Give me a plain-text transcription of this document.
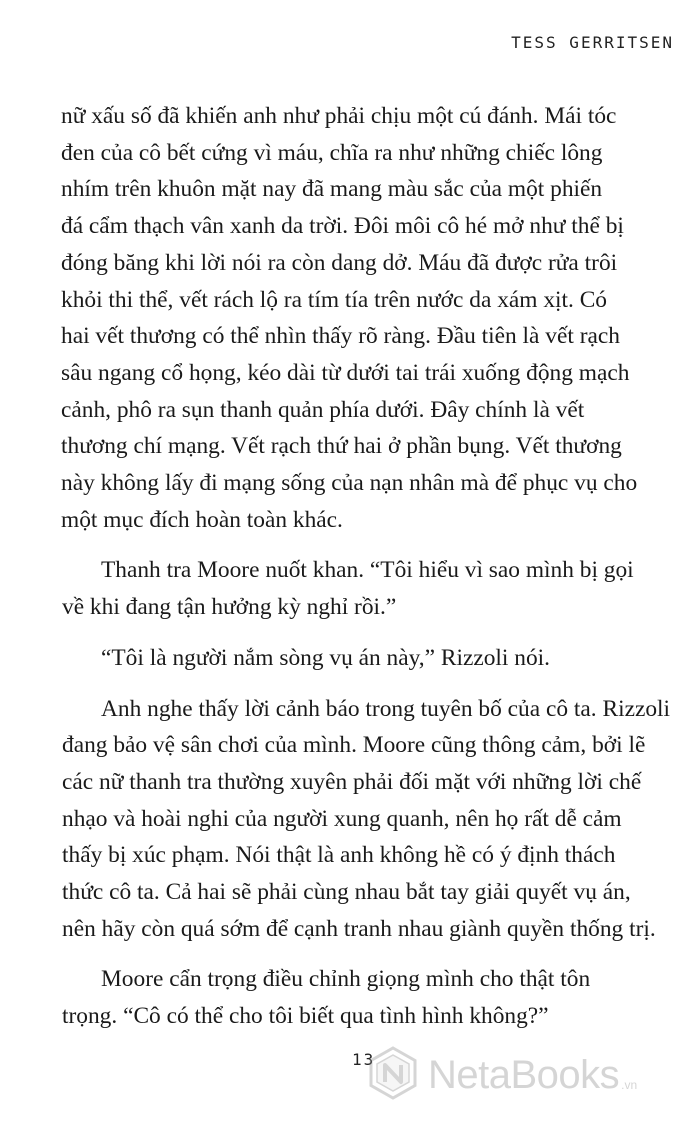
TESS GERRITSEN
nữ xấu số đã khiến anh như phải chịu một cú đánh. Mái tóc
đen của cô bết cứng vì máu, chĩa ra như những chiếc lông
nhím trên khuôn mặt nay đã mang màu sắc của một phiến
đá cẩm thạch vân xanh da trời. Đôi môi cô hé mở như thể bị
đóng băng khi lời nói ra còn dang dở. Máu đã được rửa trôi
khỏi thi thể, vết rách lộ ra tím tía trên nước da xám xịt. Có
hai vết thương có thể nhìn thấy rõ ràng. Đầu tiên là vết rạch
sâu ngang cổ họng, kéo dài từ dưới tai trái xuống động mạch
cảnh, phô ra sụn thanh quản phía dưới. Đây chính là vết
thương chí mạng. Vết rạch thứ hai ở phần bụng. Vết thương
này không lấy đi mạng sống của nạn nhân mà để phục vụ cho
một mục đích hoàn toàn khác.
Thanh tra Moore nuốt khan. “Tôi hiểu vì sao mình bị gọi
về khi đang tận hưởng kỳ nghỉ rồi.”
“Tôi là người nắm sòng vụ án này,” Rizzoli nói.
Anh nghe thấy lời cảnh báo trong tuyên bố của cô ta. Rizzoli
đang bảo vệ sân chơi của mình. Moore cũng thông cảm, bởi lẽ
các nữ thanh tra thường xuyên phải đối mặt với những lời chế
nhạo và hoài nghi của người xung quanh, nên họ rất dễ cảm
thấy bị xúc phạm. Nói thật là anh không hề có ý định thách
thức cô ta. Cả hai sẽ phải cùng nhau bắt tay giải quyết vụ án,
nên hãy còn quá sớm để cạnh tranh nhau giành quyền thống trị.
Moore cẩn trọng điều chỉnh giọng mình cho thật tôn
trọng. “Cô có thể cho tôi biết qua tình hình không?”
13 NetaBooks .vn
